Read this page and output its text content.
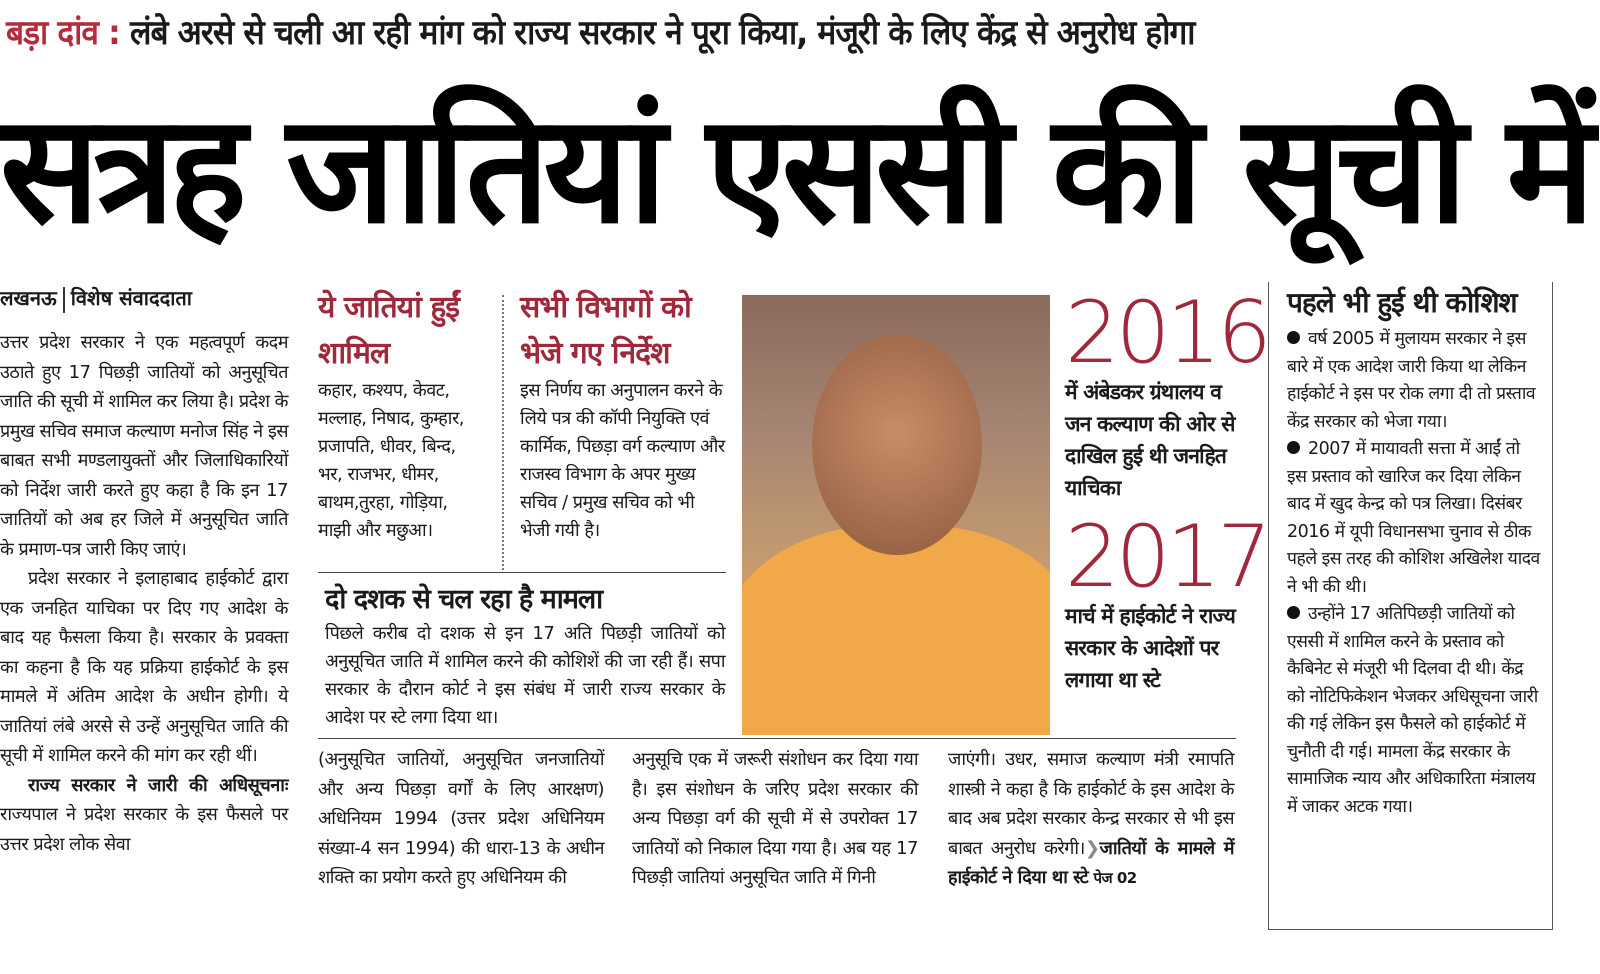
बड़ा दांव : लंबे अरसे से चली आ रही मांग को राज्य सरकार ने पूरा किया, मंजूरी के लिए केंद्र से अनुरोध होगा
सत्रह जातियां एससी की सूची में
लखनऊ विशेष संवाददाता

उत्तर प्रदेश सरकार ने एक महत्वपूर्ण कदम उठाते हुए 17 पिछड़ी जातियों को अनुसूचित जाति की सूची में शामिल कर लिया है। प्रदेश के प्रमुख सचिव समाज कल्याण मनोज सिंह ने इस बाबत सभी मण्डलायुक्तों और जिलाधिकारियों को निर्देश जारी करते हुए कहा है कि इन 17 जातियों को अब हर जिले में अनुसूचित जाति के प्रमाण-पत्र जारी किए जाएं।

प्रदेश सरकार ने इलाहाबाद हाईकोर्ट द्वारा एक जनहित याचिका पर दिए गए आदेश के बाद यह फैसला किया है। सरकार के प्रवक्ता का कहना है कि यह प्रक्रिया हाईकोर्ट के इस मामले में अंतिम आदेश के अधीन होगी। ये जातियां लंबे अरसे से उन्हें अनुसूचित जाति की सूची में शामिल करने की मांग कर रही थीं।

राज्य सरकार ने जारी की अधिसूचनाः राज्यपाल ने प्रदेश सरकार के इस फैसले पर उत्तर प्रदेश लोक सेवा

ये जातियां हुईं शामिल
कहार, कश्यप, केवट, मल्लाह, निषाद, कुम्हार, प्रजापति, धीवर, बिन्द, भर, राजभर, धीमर, बाथम,तुरहा, गोड़िया, माझी और मछुआ।
सभी विभागों को भेजे गए निर्देश
इस निर्णय का अनुपालन करने के लिये पत्र की कॉपी नियुक्ति एवं कार्मिक, पिछड़ा वर्ग कल्याण और राजस्व विभाग के अपर मुख्य सचिव / प्रमुख सचिव को भी भेजी गयी है।
दो दशक से चल रहा है मामला
पिछले करीब दो दशक से इन 17 अति पिछड़ी जातियों को अनुसूचित जाति में शामिल करने की कोशिशें की जा रही हैं। सपा सरकार के दौरान कोर्ट ने इस संबंध में जारी राज्य सरकार के आदेश पर स्टे लगा दिया था।
2016
में अंबेडकर ग्रंथालय व जन कल्याण की ओर से दाखिल हुई थी जनहित याचिका
2017
मार्च में हाईकोर्ट ने राज्य सरकार के आदेशों पर लगाया था स्टे
(अनुसूचित जातियों, अनुसूचित जनजातियों और अन्य पिछड़ा वर्गों के लिए आरक्षण) अधिनियम 1994 (उत्तर प्रदेश अधिनियम संख्या-4 सन 1994) की धारा-13 के अधीन शक्ति का प्रयोग करते हुए अधिनियम की
अनुसूचि एक में जरूरी संशोधन कर दिया गया है। इस संशोधन के जरिए प्रदेश सरकार की अन्य पिछड़ा वर्ग की सूची में से उपरोक्त 17 जातियों को निकाल दिया गया है। अब यह 17 पिछड़ी जातियां अनुसूचित जाति में गिनी
जाएंगी। उधर, समाज कल्याण मंत्री रमापति शास्त्री ने कहा है कि हाईकोर्ट के इस आदेश के बाद अब प्रदेश सरकार केन्द्र सरकार से भी इस बाबत अनुरोध करेगी।❯जातियों के मामले में हाईकोर्ट ने दिया था स्टे पेज 02
पहले भी हुई थी कोशिश

वर्ष 2005 में मुलायम सरकार ने इस बारे में एक आदेश जारी किया था लेकिन हाईकोर्ट ने इस पर रोक लगा दी तो प्रस्ताव केंद्र सरकार को भेजा गया।

2007 में मायावती सत्ता में आईं तो इस प्रस्ताव को खारिज कर दिया लेकिन बाद में खुद केन्द्र को पत्र लिखा। दिसंबर 2016 में यूपी विधानसभा चुनाव से ठीक पहले इस तरह की कोशिश अखिलेश यादव ने भी की थी।

उन्होंने 17 अतिपिछड़ी जातियों को एससी में शामिल करने के प्रस्ताव को कैबिनेट से मंजूरी भी दिलवा दी थी। केंद्र को नोटिफिकेशन भेजकर अधिसूचना जारी की गई लेकिन इस फैसले को हाईकोर्ट में चुनौती दी गई। मामला केंद्र सरकार के सामाजिक न्याय और अधिकारिता मंत्रालय में जाकर अटक गया।
